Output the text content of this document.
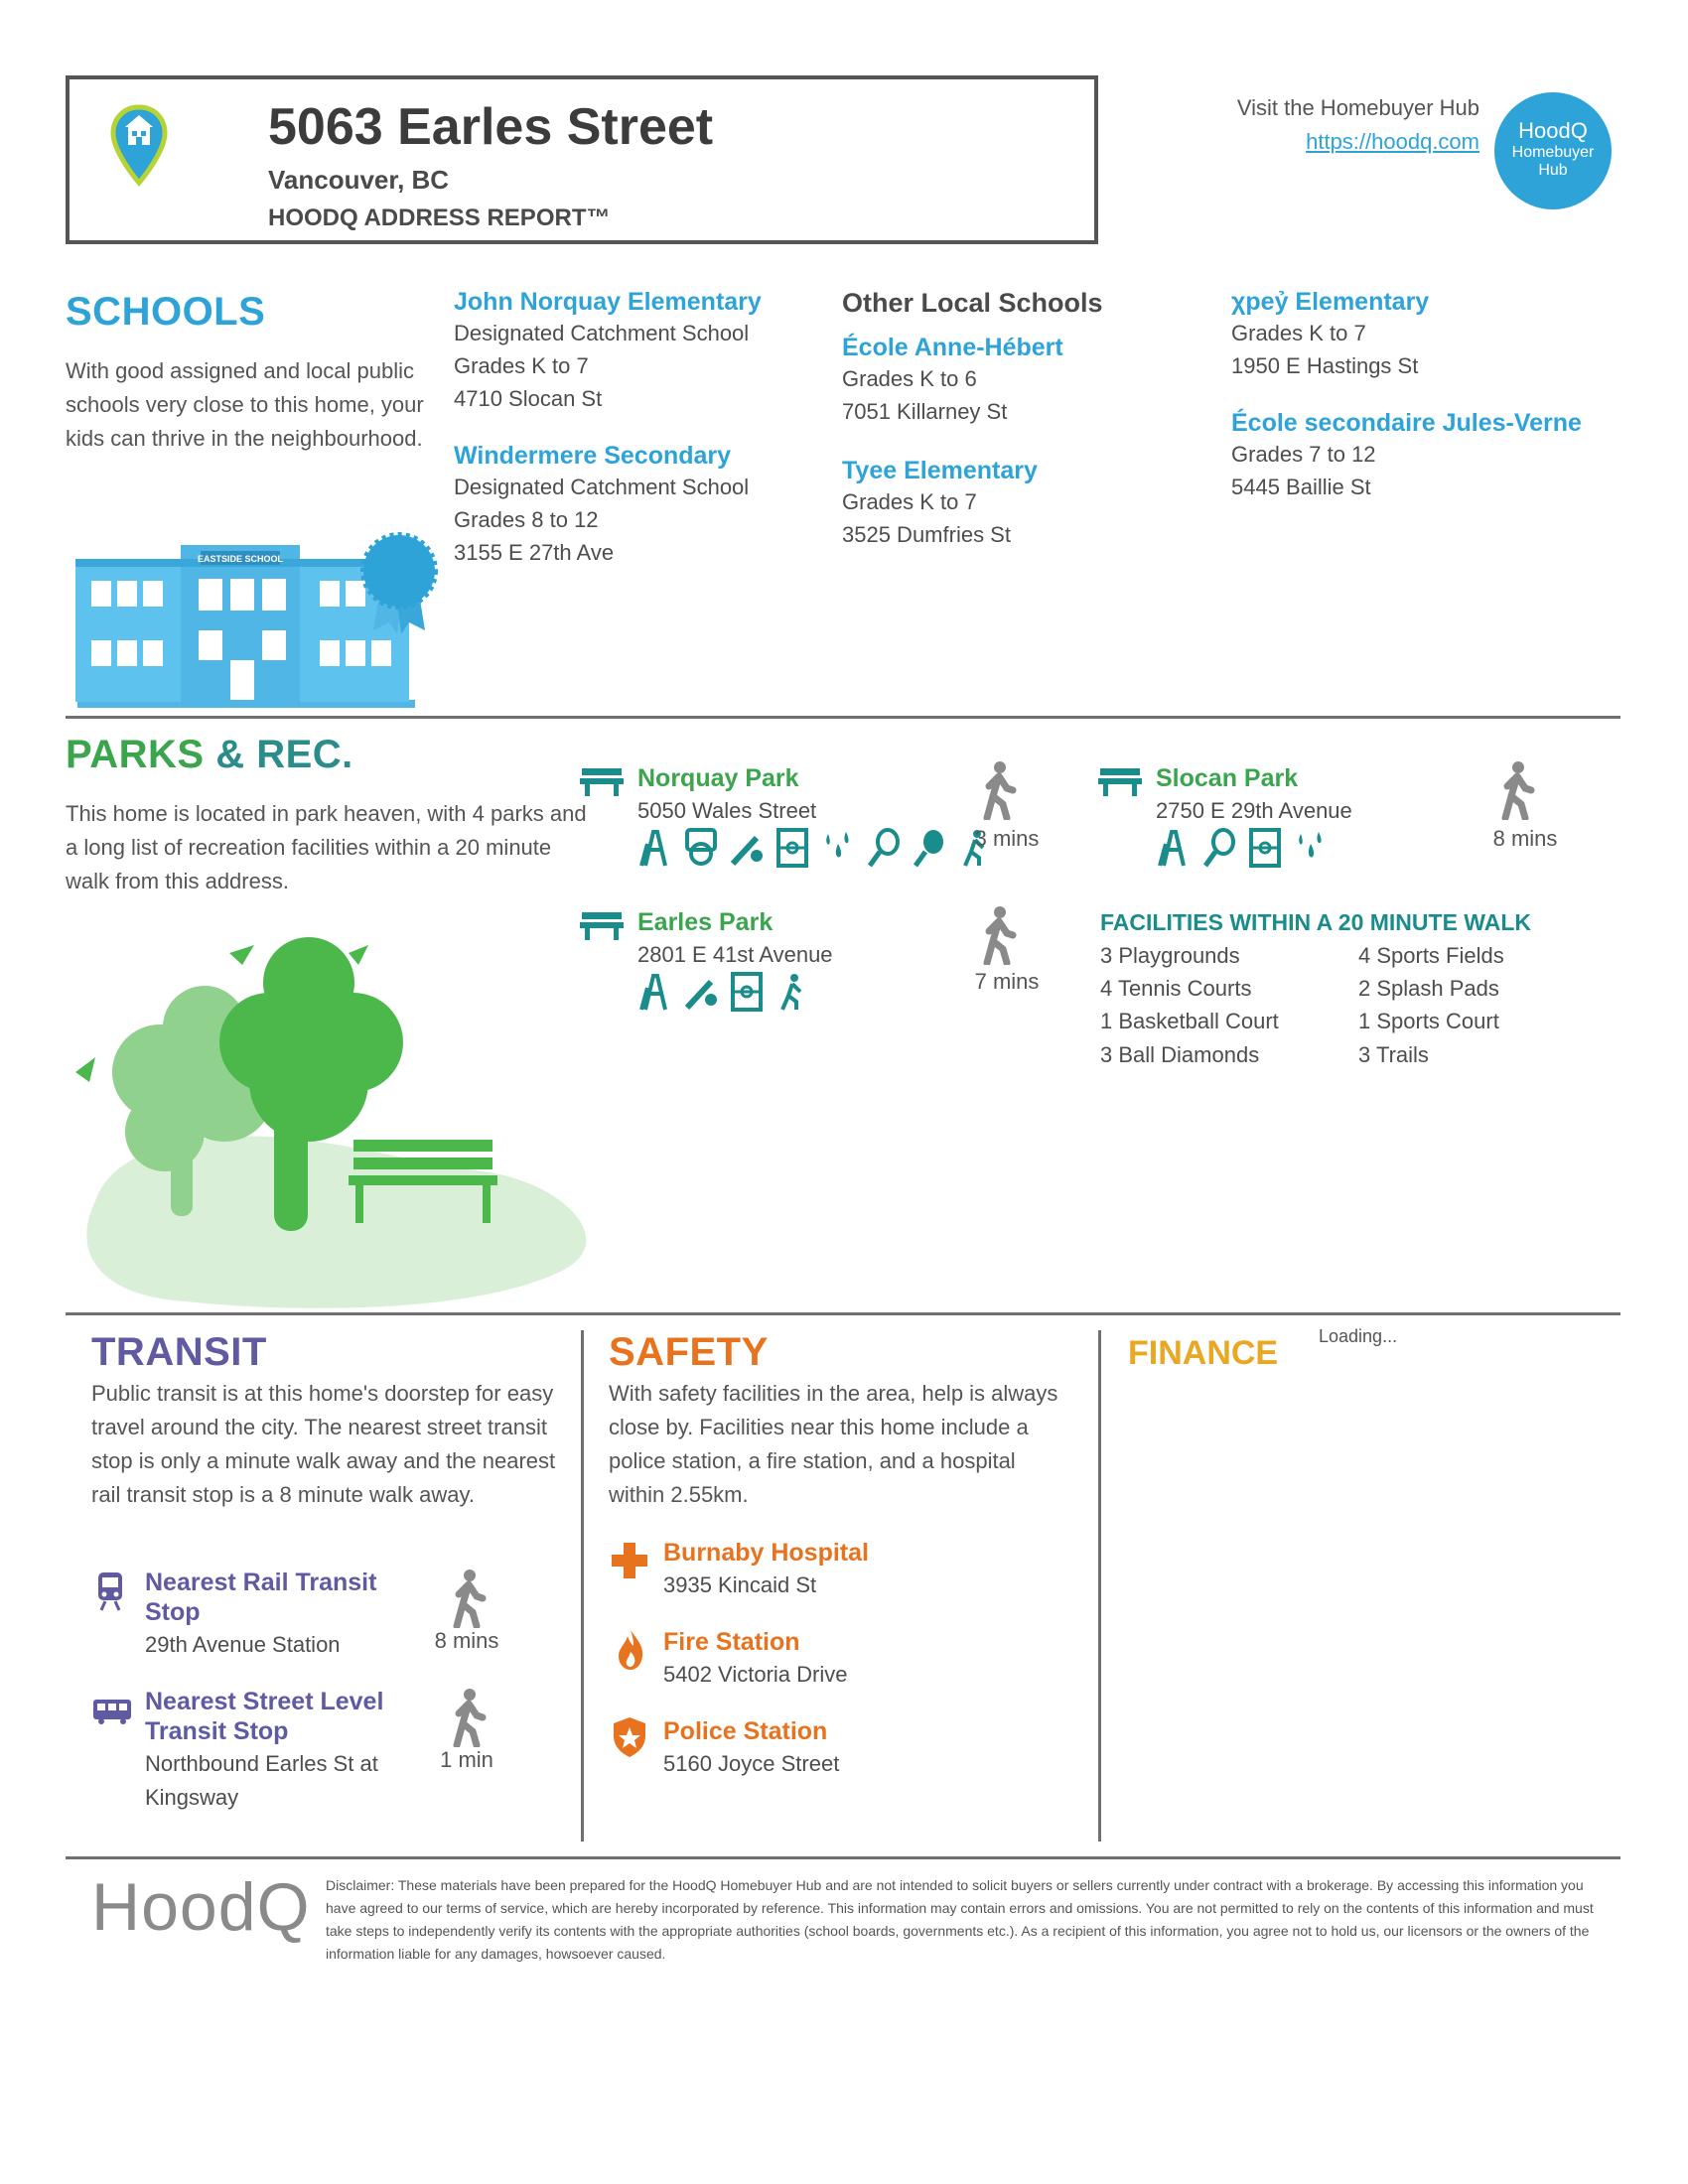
5063 Earles Street
Vancouver, BC
HOODQ ADDRESS REPORT™
Visit the Homebuyer Hub
https://hoodq.com	HoodQ
Homebuyer
Hub
SCHOOLS
With good assigned and local public schools very close to this home, your kids can thrive in the neighbourhood.
EASTSIDE SCHOOL
John Norquay Elementary
Designated Catchment School
Grades K to 7
4710 Slocan St
Windermere Secondary
Designated Catchment School
Grades 8 to 12
3155 E 27th Ave
Other Local Schools
École Anne-Hébert
Grades K to 6
7051 Killarney St
Tyee Elementary
Grades K to 7
3525 Dumfries St
χpeỷ Elementary
Grades K to 7
1950 E Hastings St
École secondaire Jules-Verne
Grades 7 to 12
5445 Baillie St
PARKS & REC.
This home is located in park heaven, with 4 parks and a long list of recreation facilities within a 20 minute walk from this address.
Norquay Park
5050 Wales Street
3 mins
Slocan Park
2750 E 29th Avenue
8 mins
Earles Park
2801 E 41st Avenue
7 mins
FACILITIES WITHIN A 20 MINUTE WALK
3 Playgrounds	4 Sports Fields
4 Tennis Courts	2 Splash Pads
1 Basketball Court	1 Sports Court
3 Ball Diamonds	3 Trails
TRANSIT
Public transit is at this home's doorstep for easy travel around the city. The nearest street transit stop is only a minute walk away and the nearest rail transit stop is a 8 minute walk away.
Nearest Rail Transit
Stop
29th Avenue Station	8 mins
Nearest Street Level
Transit Stop
Northbound Earles St at
Kingsway
1 min
SAFETY
With safety facilities in the area, help is always close by. Facilities near this home include a police station, a fire station, and a hospital within 2.55km.
Burnaby Hospital
3935 Kincaid St
Fire Station
5402 Victoria Drive
Police Station
5160 Joyce Street
FINANCE Loading...
HoodQ Disclaimer: These materials have been prepared for the HoodQ Homebuyer Hub and are not intended to solicit buyers or sellers currently under contract with a brokerage. By accessing this information you have agreed to our terms of service, which are hereby incorporated by reference. This information may contain errors and omissions. You are not permitted to rely on the contents of this information and must take steps to independently verify its contents with the appropriate authorities (school boards, governments etc.). As a recipient of this information, you agree not to hold us, our licensors or the owners of the information liable for any damages, howsoever caused.
